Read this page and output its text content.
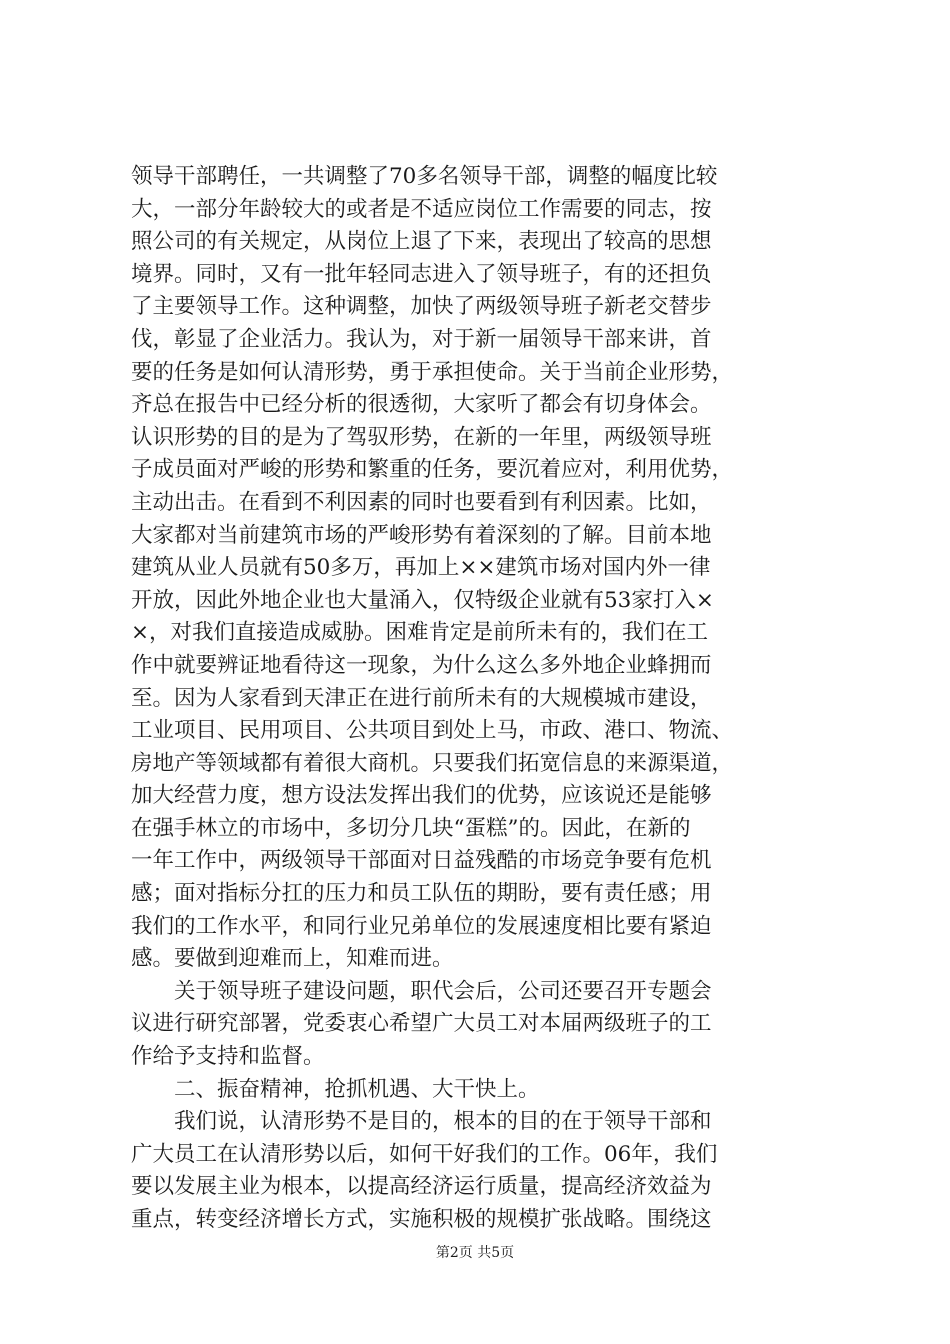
领导干部聘任，一共调整了70多名领导干部，调整的幅度比较
大，一部分年龄较大的或者是不适应岗位工作需要的同志，按
照公司的有关规定，从岗位上退了下来，表现出了较高的思想
境界。同时，又有一批年轻同志进入了领导班子，有的还担负
了主要领导工作。这种调整，加快了两级领导班子新老交替步
伐，彰显了企业活力。我认为，对于新一届领导干部来讲，首
要的任务是如何认清形势，勇于承担使命。关于当前企业形势，
齐总在报告中已经分析的很透彻，大家听了都会有切身体会。
认识形势的目的是为了驾驭形势，在新的一年里，两级领导班
子成员面对严峻的形势和繁重的任务，要沉着应对，利用优势，
主动出击。在看到不利因素的同时也要看到有利因素。比如，
大家都对当前建筑市场的严峻形势有着深刻的了解。目前本地
建筑从业人员就有50多万，再加上××建筑市场对国内外一律
开放，因此外地企业也大量涌入，仅特级企业就有53家打入×
×，对我们直接造成威胁。困难肯定是前所未有的，我们在工
作中就要辨证地看待这一现象，为什么这么多外地企业蜂拥而
至。因为人家看到天津正在进行前所未有的大规模城市建设，
工业项目、民用项目、公共项目到处上马，市政、港口、物流、
房地产等领域都有着很大商机。只要我们拓宽信息的来源渠道，
加大经营力度，想方设法发挥出我们的优势，应该说还是能够
在强手林立的市场中，多切分几块“蛋糕”的。因此，在新的
一年工作中，两级领导干部面对日益残酷的市场竞争要有危机
感；面对指标分扛的压力和员工队伍的期盼，要有责任感；用
我们的工作水平，和同行业兄弟单位的发展速度相比要有紧迫
感。要做到迎难而上，知难而进。
　　关于领导班子建设问题，职代会后，公司还要召开专题会
议进行研究部署，党委衷心希望广大员工对本届两级班子的工
作给予支持和监督。
　　二、振奋精神，抢抓机遇、大干快上。
　　我们说，认清形势不是目的，根本的目的在于领导干部和
广大员工在认清形势以后，如何干好我们的工作。06年，我们
要以发展主业为根本，以提高经济运行质量，提高经济效益为
重点，转变经济增长方式，实施积极的规模扩张战略。围绕这
第2页 共5页
